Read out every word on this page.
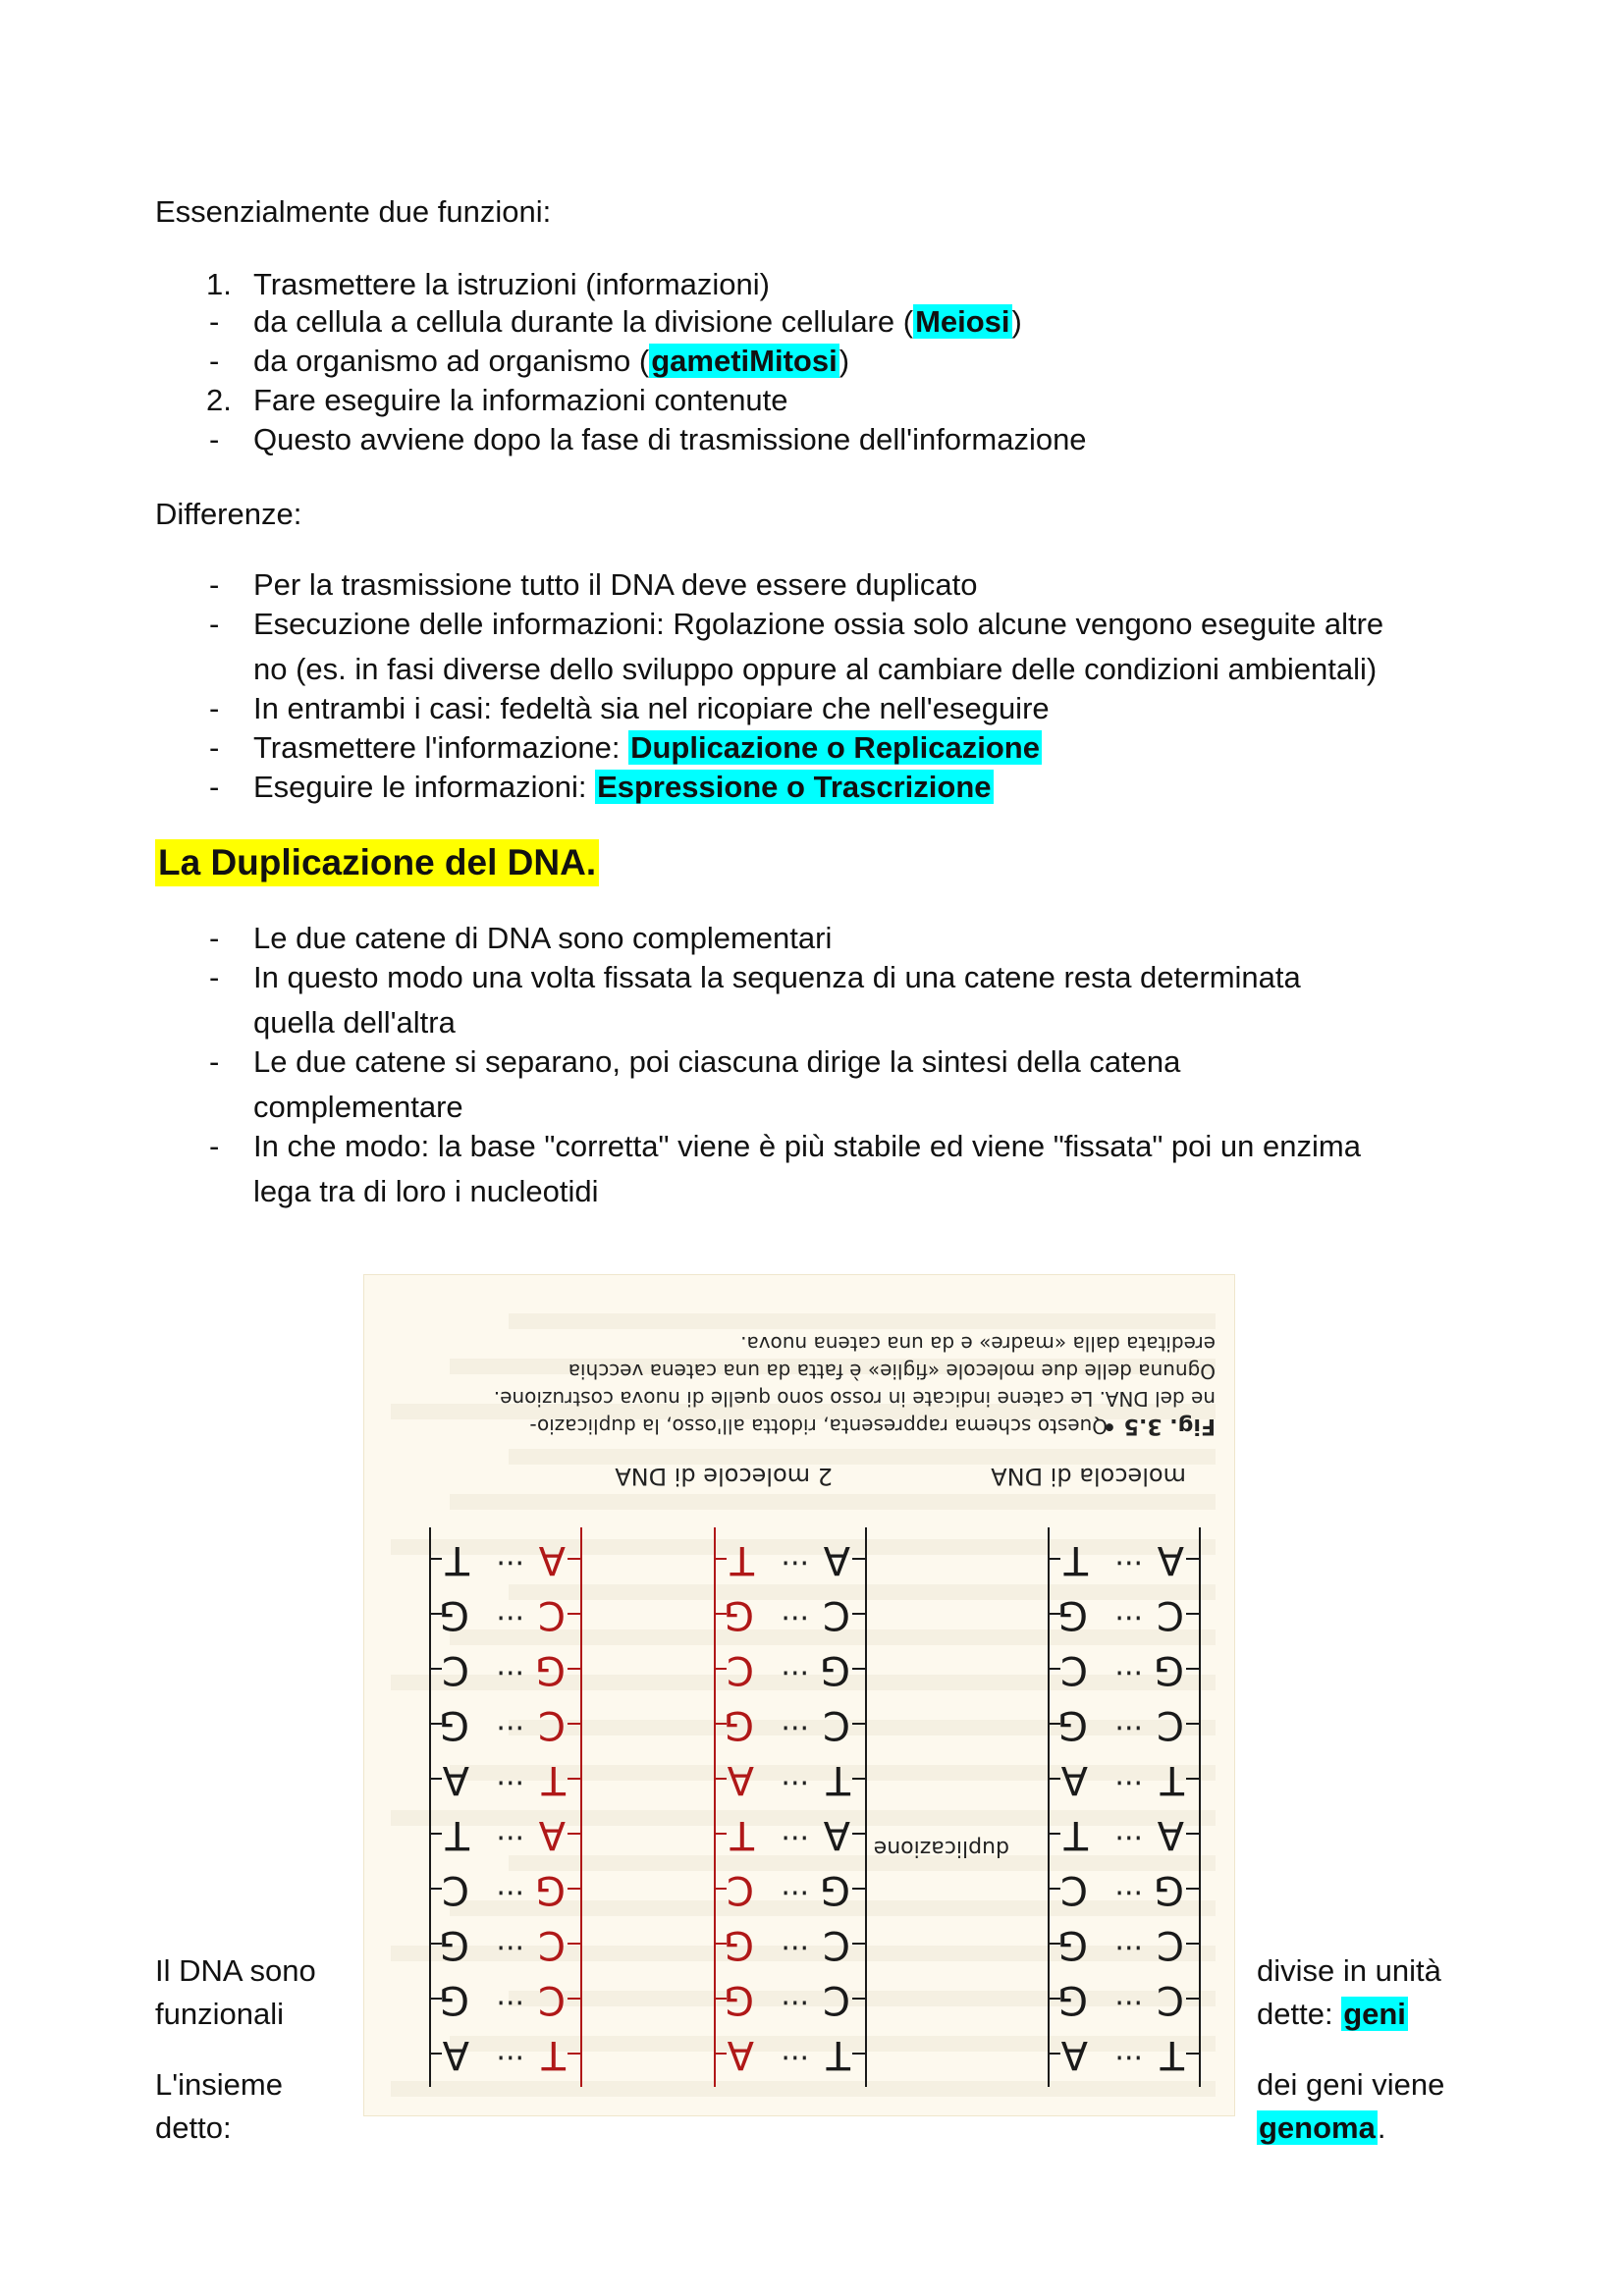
Essenzialmente due funzioni:
1. Trasmettere la istruzioni (informazioni)
- da cellula a cellula durante la divisione cellulare (Meiosi)
- da organismo ad organismo (gametiMitosi)
2. Fare eseguire la informazioni contenute
- Questo avviene dopo la fase di trasmissione dell'informazione
Differenze:
- Per la trasmissione tutto il DNA deve essere duplicato
- Esecuzione delle informazioni: Rgolazione ossia solo alcune vengono eseguite altre
no (es. in fasi diverse dello sviluppo oppure al cambiare delle condizioni ambientali)
- In entrambi i casi: fedeltà sia nel ricopiare che nell'eseguire
- Trasmettere l'informazione: Duplicazione o Replicazione
- Eseguire le informazioni: Espressione o Trascrizione
La Duplicazione del DNA.
- Le due catene di DNA sono complementari
- In questo modo una volta fissata la sequenza di una catene resta determinata
quella dell'altra
- Le due catene si separano, poi ciascuna dirige la sintesi della catena
complementare
- In che modo: la base "corretta" viene è più stabile ed viene "fissata" poi un enzima
lega tra di loro i nucleotidi
T
···
A
C
···
G
C
···
G
G
···
C
A
···
T
T
···
A
C
···
G
G
···
C
C
···
G
A
···
T
T
···
A
C
···
G
C
···
G
G
···
C
A
···
T
T
···
A
C
···
G
G
···
C
C
···
G
A
···
T
T
···
A
C
···
G
C
···
G
G
···
C
A
···
T
T
···
A
C
···
G
G
···
C
C
···
G
A
···
T
molecola di DNA
2 molecole di DNA
duplicazione
Fig. 3.5 •
Questo schema rappresenta, ridotta all'osso, la duplicazio-
ne del DNA. Le catene indicate in rosso sono quelle di nuova costruzione.
Ognuna delle due molecole «figlie» è fatta da una catena vecchia
ereditata dalla «madre» e da una catena nuova.
Il DNA sono
funzionali
L'insieme
detto:
divise in unità
dette: geni
dei geni viene
genoma.
